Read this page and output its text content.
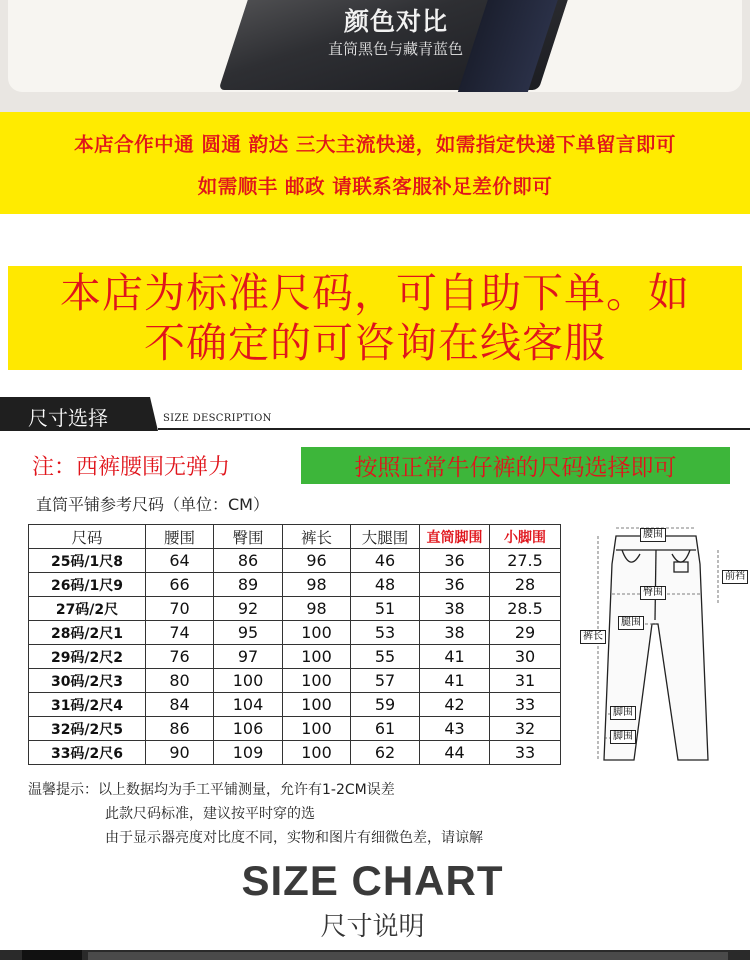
颜色对比
直筒黑色与藏青蓝色
本店合作中通 圆通 韵达 三大主流快递，如需指定快递下单留言即可
如需顺丰 邮政 请联系客服补足差价即可
本店为标准尺码，可自助下单。如
不确定的可咨询在线客服
尺寸选择	SIZE DESCRIPTION
注：西裤腰围无弹力	按照正常牛仔裤的尺码选择即可
直筒平铺参考尺码（单位：CM）
尺码	腰围	臀围	裤长	大腿围	直筒脚围	小脚围
25码/1尺8	64	86	96	46	36	27.5
26码/1尺9	66	89	98	48	36	28
27码/2尺	70	92	98	51	38	28.5
28码/2尺1	74	95	100	53	38	29
29码/2尺2	76	97	100	55	41	30
30码/2尺3	80	100	100	57	41	31
31码/2尺4	84	104	100	59	42	33
32码/2尺5	86	106	100	61	43	32
33码/2尺6	90	109	100	62	44	33
腰围
前裆
臀围
腿围
裤长
脚围
脚围
温馨提示：以上数据均为手工平铺测量，允许有1-2CM误差
此款尺码标准，建议按平时穿的选
由于显示器亮度对比度不同，实物和图片有细微色差，请谅解
SIZE CHART
尺寸说明
